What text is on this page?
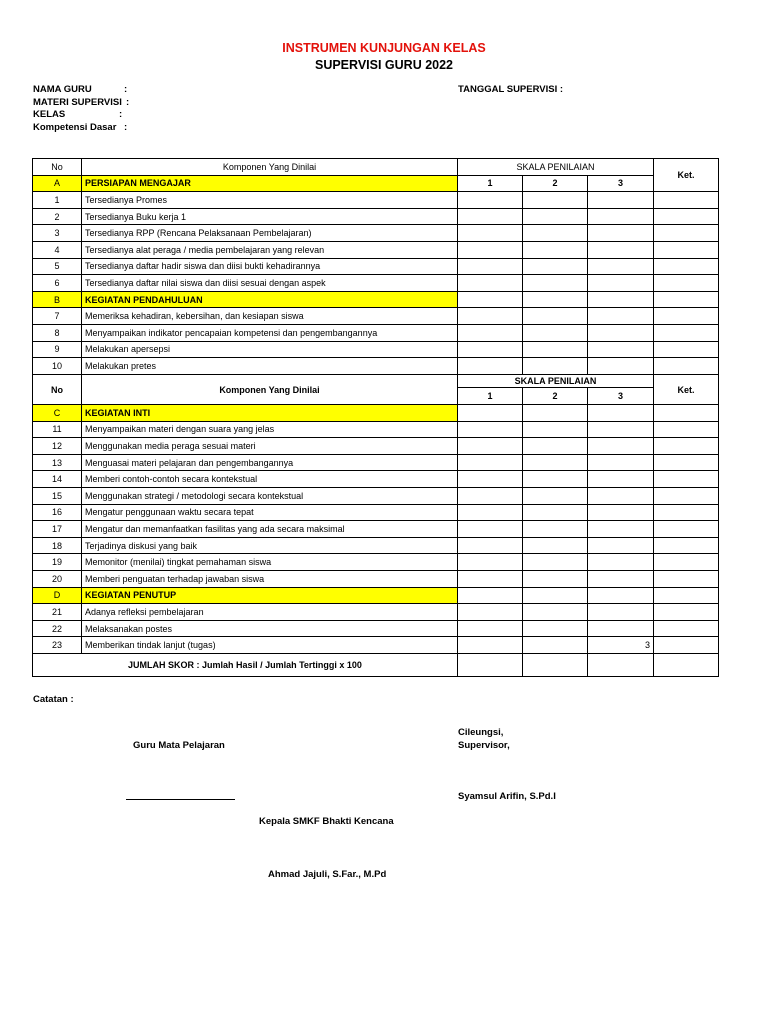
INSTRUMEN KUNJUNGAN KELAS
SUPERVISI GURU 2022
NAMA GURU	:
MATERI SUPERVISI :
KELAS	:
Kompetensi Dasar :
TANGGAL SUPERVISI :
No	Komponen Yang Dinilai	SKALA PENILAIAN			Ket.
A	PERSIAPAN MENGAJAR	1	2	3	
1	Tersedianya Promes				
2	Tersedianya Buku kerja 1				
3	Tersedianya RPP (Rencana Pelaksanaan Pembelajaran)				
4	Tersedianya alat peraga / media pembelajaran yang relevan				
5	Tersedianya daftar hadir siswa dan diisi bukti kehadirannya				
6	Tersedianya daftar nilai siswa dan diisi sesuai dengan aspek				
B	KEGIATAN PENDAHULUAN				
7	Memeriksa kehadiran, kebersihan, dan kesiapan siswa				
8	Menyampaikan indikator pencapaian kompetensi dan pengembangannya				
9	Melakukan apersepsi				
10	Melakukan pretes				
No	Komponen Yang Dinilai	SKALA PENILAIAN			Ket.
		1	2	3	
C	KEGIATAN INTI				
11	Menyampaikan materi dengan suara yang jelas				
12	Menggunakan media peraga sesuai materi				
13	Menguasai materi pelajaran dan pengembangannya				
14	Memberi contoh-contoh secara kontekstual				
15	Menggunakan strategi / metodologi secara kontekstual				
16	Mengatur penggunaan waktu secara tepat				
17	Mengatur dan memanfaatkan fasilitas yang ada secara maksimal				
18	Terjadinya diskusi yang baik				
19	Memonitor (menilai) tingkat pemahaman siswa				
20	Memberi penguatan terhadap jawaban siswa				
D	KEGIATAN PENUTUP				
21	Adanya refleksi pembelajaran				
22	Melaksanakan postes				
23	Memberikan tindak lanjut (tugas)			3	
JUMLAH SKOR : Jumlah Hasil / Jumlah Tertinggi x 100					
Catatan :
Cileungsi,
Supervisor,
Guru Mata Pelajaran
Syamsul Arifin, S.Pd.I
Kepala SMKF Bhakti Kencana
Ahmad Jajuli, S.Far., M.Pd
